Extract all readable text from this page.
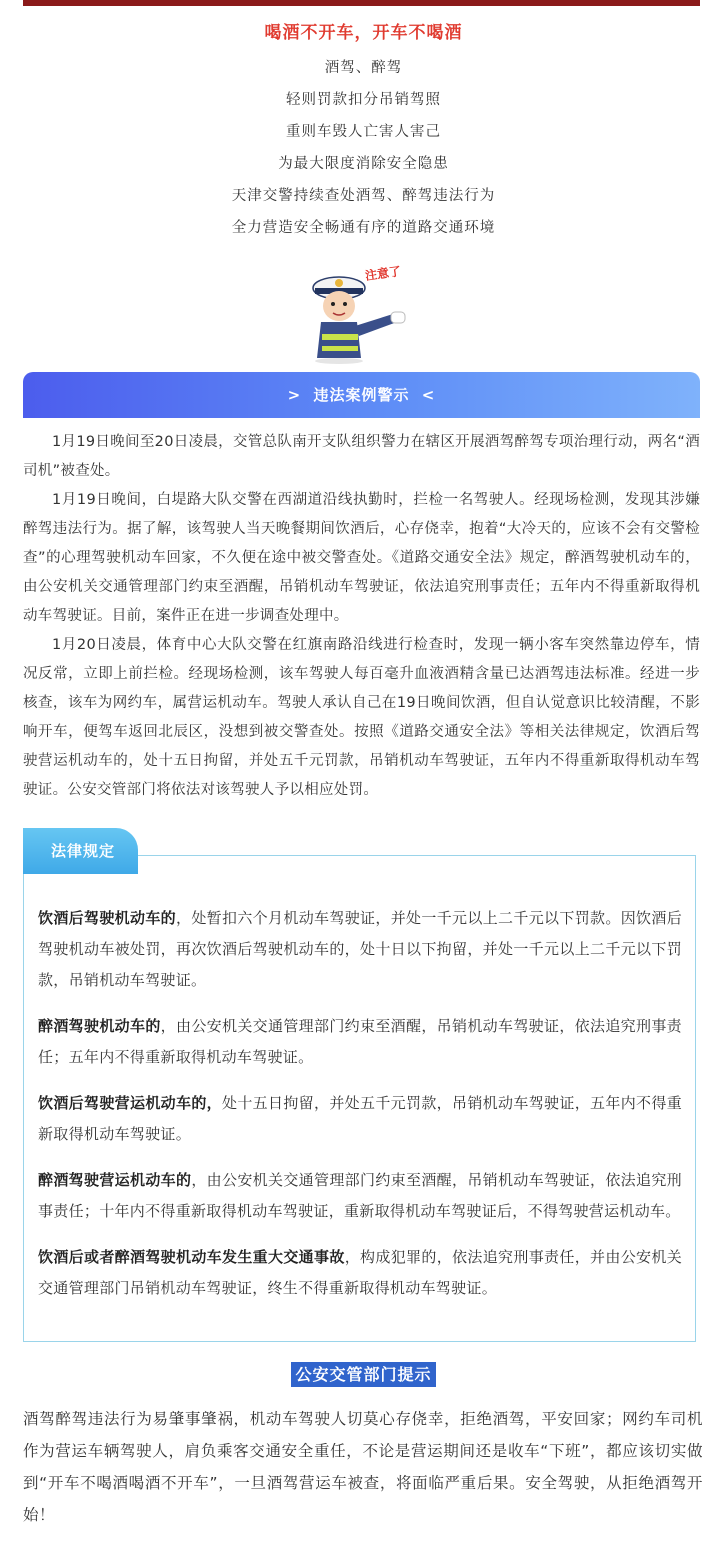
喝酒不开车，开车不喝酒
酒驾、醉驾
轻则罚款扣分吊销驾照
重则车毁人亡害人害己
为最大限度消除安全隐患
天津交警持续查处酒驾、醉驾违法行为
全力营造安全畅通有序的道路交通环境
注意了
> 违法案例警示 <

1月19日晚间至20日凌晨，交管总队南开支队组织警力在辖区开展酒驾醉驾专项治理行动，两名“酒司机”被查处。

1月19日晚间，白堤路大队交警在西湖道沿线执勤时，拦检一名驾驶人。经现场检测，发现其涉嫌醉驾违法行为。据了解，该驾驶人当天晚餐期间饮酒后，心存侥幸，抱着“大冷天的，应该不会有交警检查”的心理驾驶机动车回家，不久便在途中被交警查处。《道路交通安全法》规定，醉酒驾驶机动车的，由公安机关交通管理部门约束至酒醒，吊销机动车驾驶证，依法追究刑事责任；五年内不得重新取得机动车驾驶证。目前，案件正在进一步调查处理中。

1月20日凌晨，体育中心大队交警在红旗南路沿线进行检查时，发现一辆小客车突然靠边停车，情况反常，立即上前拦检。经现场检测，该车驾驶人每百毫升血液酒精含量已达酒驾违法标准。经进一步核查，该车为网约车，属营运机动车。驾驶人承认自己在19日晚间饮酒，但自认觉意识比较清醒，不影响开车，便驾车返回北辰区，没想到被交警查处。按照《道路交通安全法》等相关法律规定，饮酒后驾驶营运机动车的，处十五日拘留，并处五千元罚款，吊销机动车驾驶证，五年内不得重新取得机动车驾驶证。公安交管部门将依法对该驾驶人予以相应处罚。

法律规定
饮酒后驾驶机动车的，处暂扣六个月机动车驾驶证，并处一千元以上二千元以下罚款。因饮酒后驾驶机动车被处罚，再次饮酒后驾驶机动车的，处十日以下拘留，并处一千元以上二千元以下罚款，吊销机动车驾驶证。
醉酒驾驶机动车的，由公安机关交通管理部门约束至酒醒，吊销机动车驾驶证，依法追究刑事责任；五年内不得重新取得机动车驾驶证。
饮酒后驾驶营运机动车的，处十五日拘留，并处五千元罚款，吊销机动车驾驶证，五年内不得重新取得机动车驾驶证。
醉酒驾驶营运机动车的，由公安机关交通管理部门约束至酒醒，吊销机动车驾驶证，依法追究刑事责任；十年内不得重新取得机动车驾驶证，重新取得机动车驾驶证后，不得驾驶营运机动车。
饮酒后或者醉酒驾驶机动车发生重大交通事故，构成犯罪的，依法追究刑事责任，并由公安机关交通管理部门吊销机动车驾驶证，终生不得重新取得机动车驾驶证。
公安交管部门提示
酒驾醉驾违法行为易肇事肇祸，机动车驾驶人切莫心存侥幸，拒绝酒驾，平安回家；网约车司机作为营运车辆驾驶人，肩负乘客交通安全重任，不论是营运期间还是收车“下班”，都应该切实做到“开车不喝酒喝酒不开车”，一旦酒驾营运车被查，将面临严重后果。安全驾驶，从拒绝酒驾开始！
